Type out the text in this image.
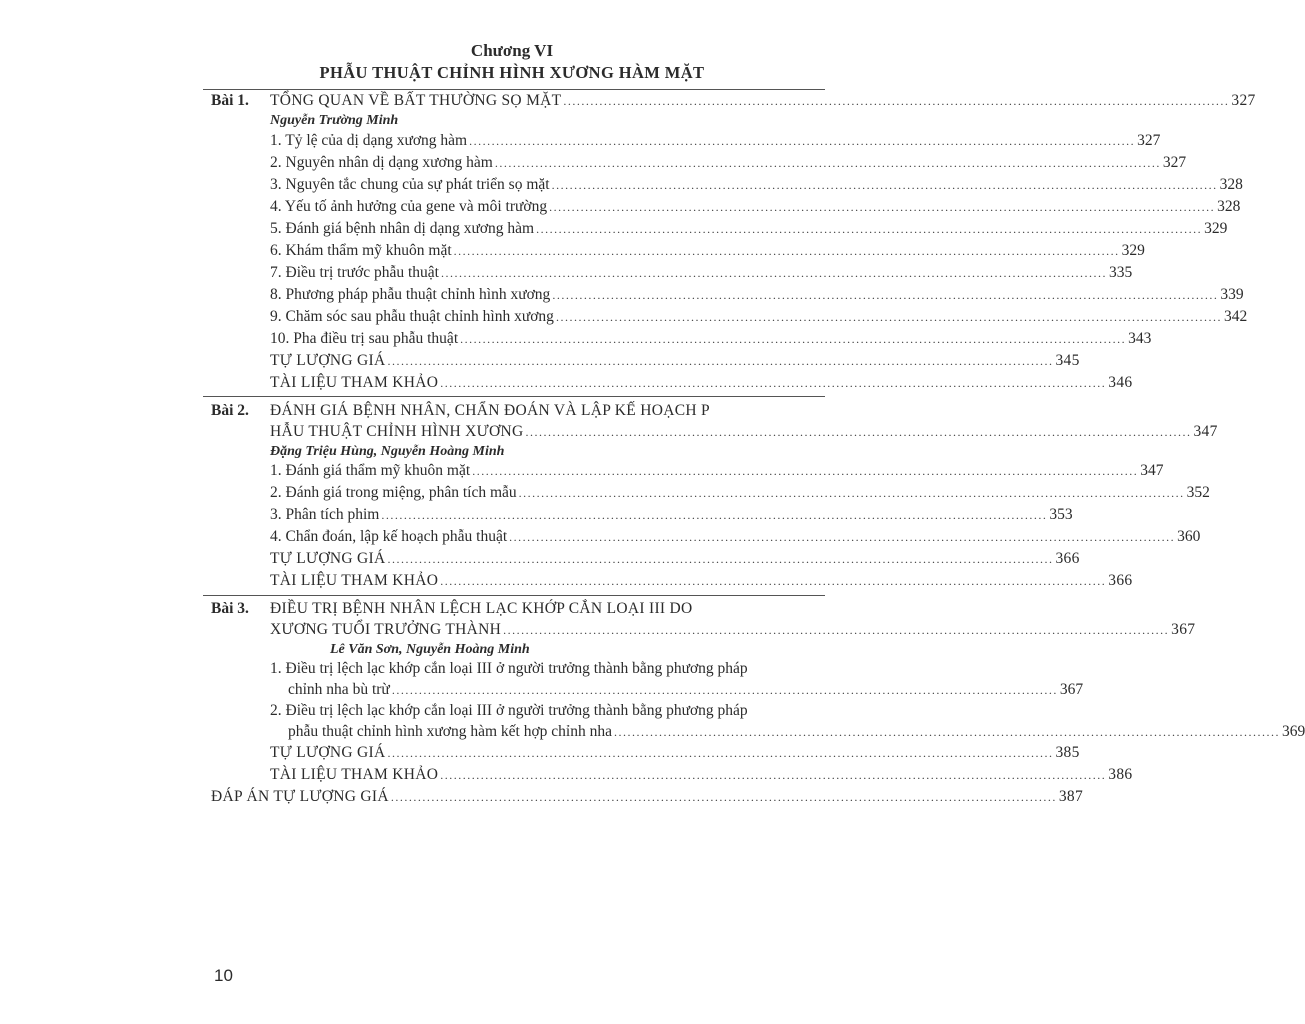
Chương VI
PHẪU THUẬT CHỈNH HÌNH XƯƠNG HÀM MẶT
Bài 1. TỔNG QUAN VỀ BẤT THƯỜNG SỌ MẶT .................................................................................................................................................... 327
Nguyễn Trường Minh
1. Tỷ lệ của dị dạng xương hàm .................................................................................................................................................... 327
2. Nguyên nhân dị dạng xương hàm .................................................................................................................................................... 327
3. Nguyên tắc chung của sự phát triển sọ mặt .................................................................................................................................................... 328
4. Yếu tố ảnh hưởng của gene và môi trường .................................................................................................................................................... 328
5. Đánh giá bệnh nhân dị dạng xương hàm .................................................................................................................................................... 329
6. Khám thẩm mỹ khuôn mặt .................................................................................................................................................... 329
7. Điều trị trước phẫu thuật .................................................................................................................................................... 335
8. Phương pháp phẫu thuật chỉnh hình xương .................................................................................................................................................... 339
9. Chăm sóc sau phẫu thuật chỉnh hình xương .................................................................................................................................................... 342
10. Pha điều trị sau phẫu thuật .................................................................................................................................................... 343
TỰ LƯỢNG GIÁ .................................................................................................................................................... 345
TÀI LIỆU THAM KHẢO .................................................................................................................................................... 346
Bài 2. ĐÁNH GIÁ BỆNH NHÂN, CHẨN ĐOÁN VÀ LẬP KẾ HOẠCH P
HẪU THUẬT CHỈNH HÌNH XƯƠNG .................................................................................................................................................... 347
Đặng Triệu Hùng, Nguyễn Hoàng Minh
1. Đánh giá thẩm mỹ khuôn mặt .................................................................................................................................................... 347
2. Đánh giá trong miệng, phân tích mẫu .................................................................................................................................................... 352
3. Phân tích phim .................................................................................................................................................... 353
4. Chẩn đoán, lập kế hoạch phẫu thuật .................................................................................................................................................... 360
TỰ LƯỢNG GIÁ .................................................................................................................................................... 366
TÀI LIỆU THAM KHẢO .................................................................................................................................................... 366
Bài 3. ĐIỀU TRỊ BỆNH NHÂN LỆCH LẠC KHỚP CẮN LOẠI III DO
XƯƠNG TUỔI TRƯỞNG THÀNH .................................................................................................................................................... 367
Lê Văn Sơn, Nguyễn Hoàng Minh
1. Điều trị lệch lạc khớp cắn loại III ở người trưởng thành bằng phương pháp
chỉnh nha bù trừ .................................................................................................................................................... 367
2. Điều trị lệch lạc khớp cắn loại III ở người trưởng thành bằng phương pháp
phẫu thuật chỉnh hình xương hàm kết hợp chỉnh nha .................................................................................................................................................... 369
TỰ LƯỢNG GIÁ .................................................................................................................................................... 385
TÀI LIỆU THAM KHẢO .................................................................................................................................................... 386
ĐÁP ÁN TỰ LƯỢNG GIÁ .................................................................................................................................................... 387
10
